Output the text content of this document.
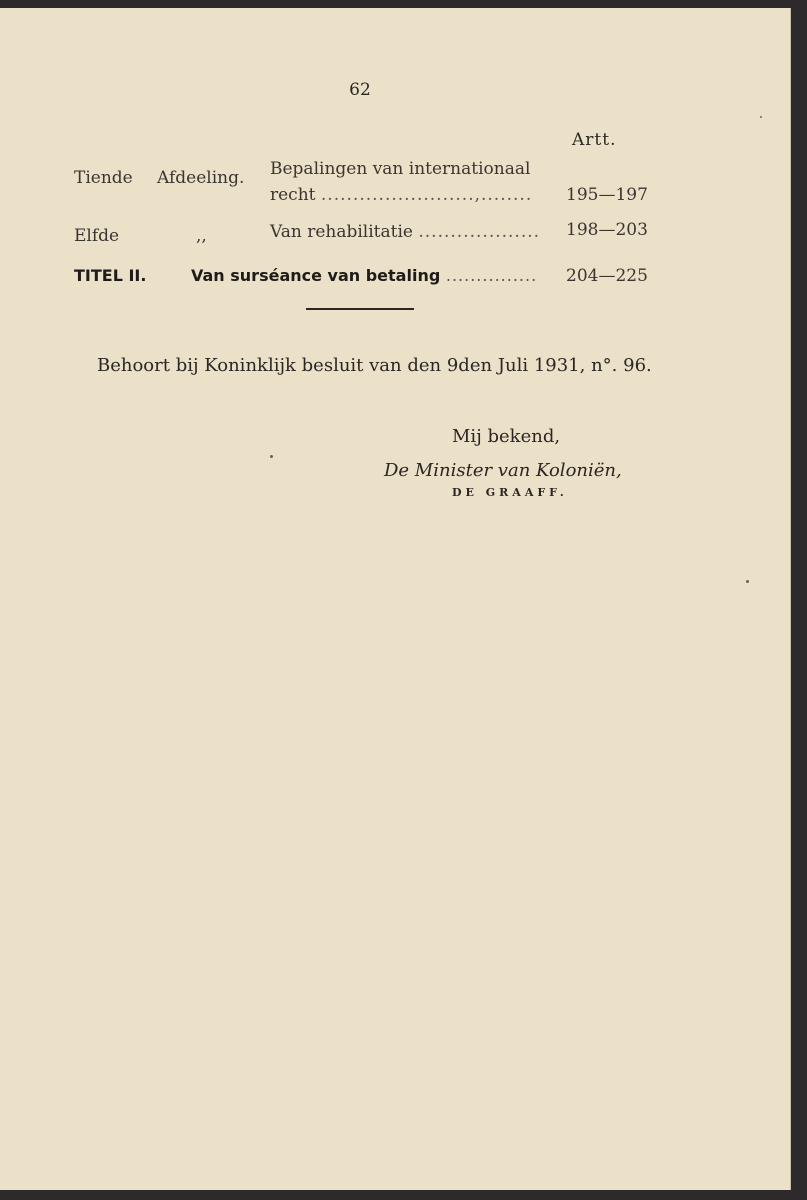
62
Artt.
Tiende Afdeeling. Bepalingen van internationaal
recht ........................,........ 195—197
Elfde	,,	Van rehabilitatie ................... 198—203
TITEL II.	Van surséance van betaling ............... 204—225
Behoort bij Koninklijk besluit van den 9den Juli 1931, n°. 96.
Mij bekend,
De Minister van Koloniën,
DE GRAAFF.
